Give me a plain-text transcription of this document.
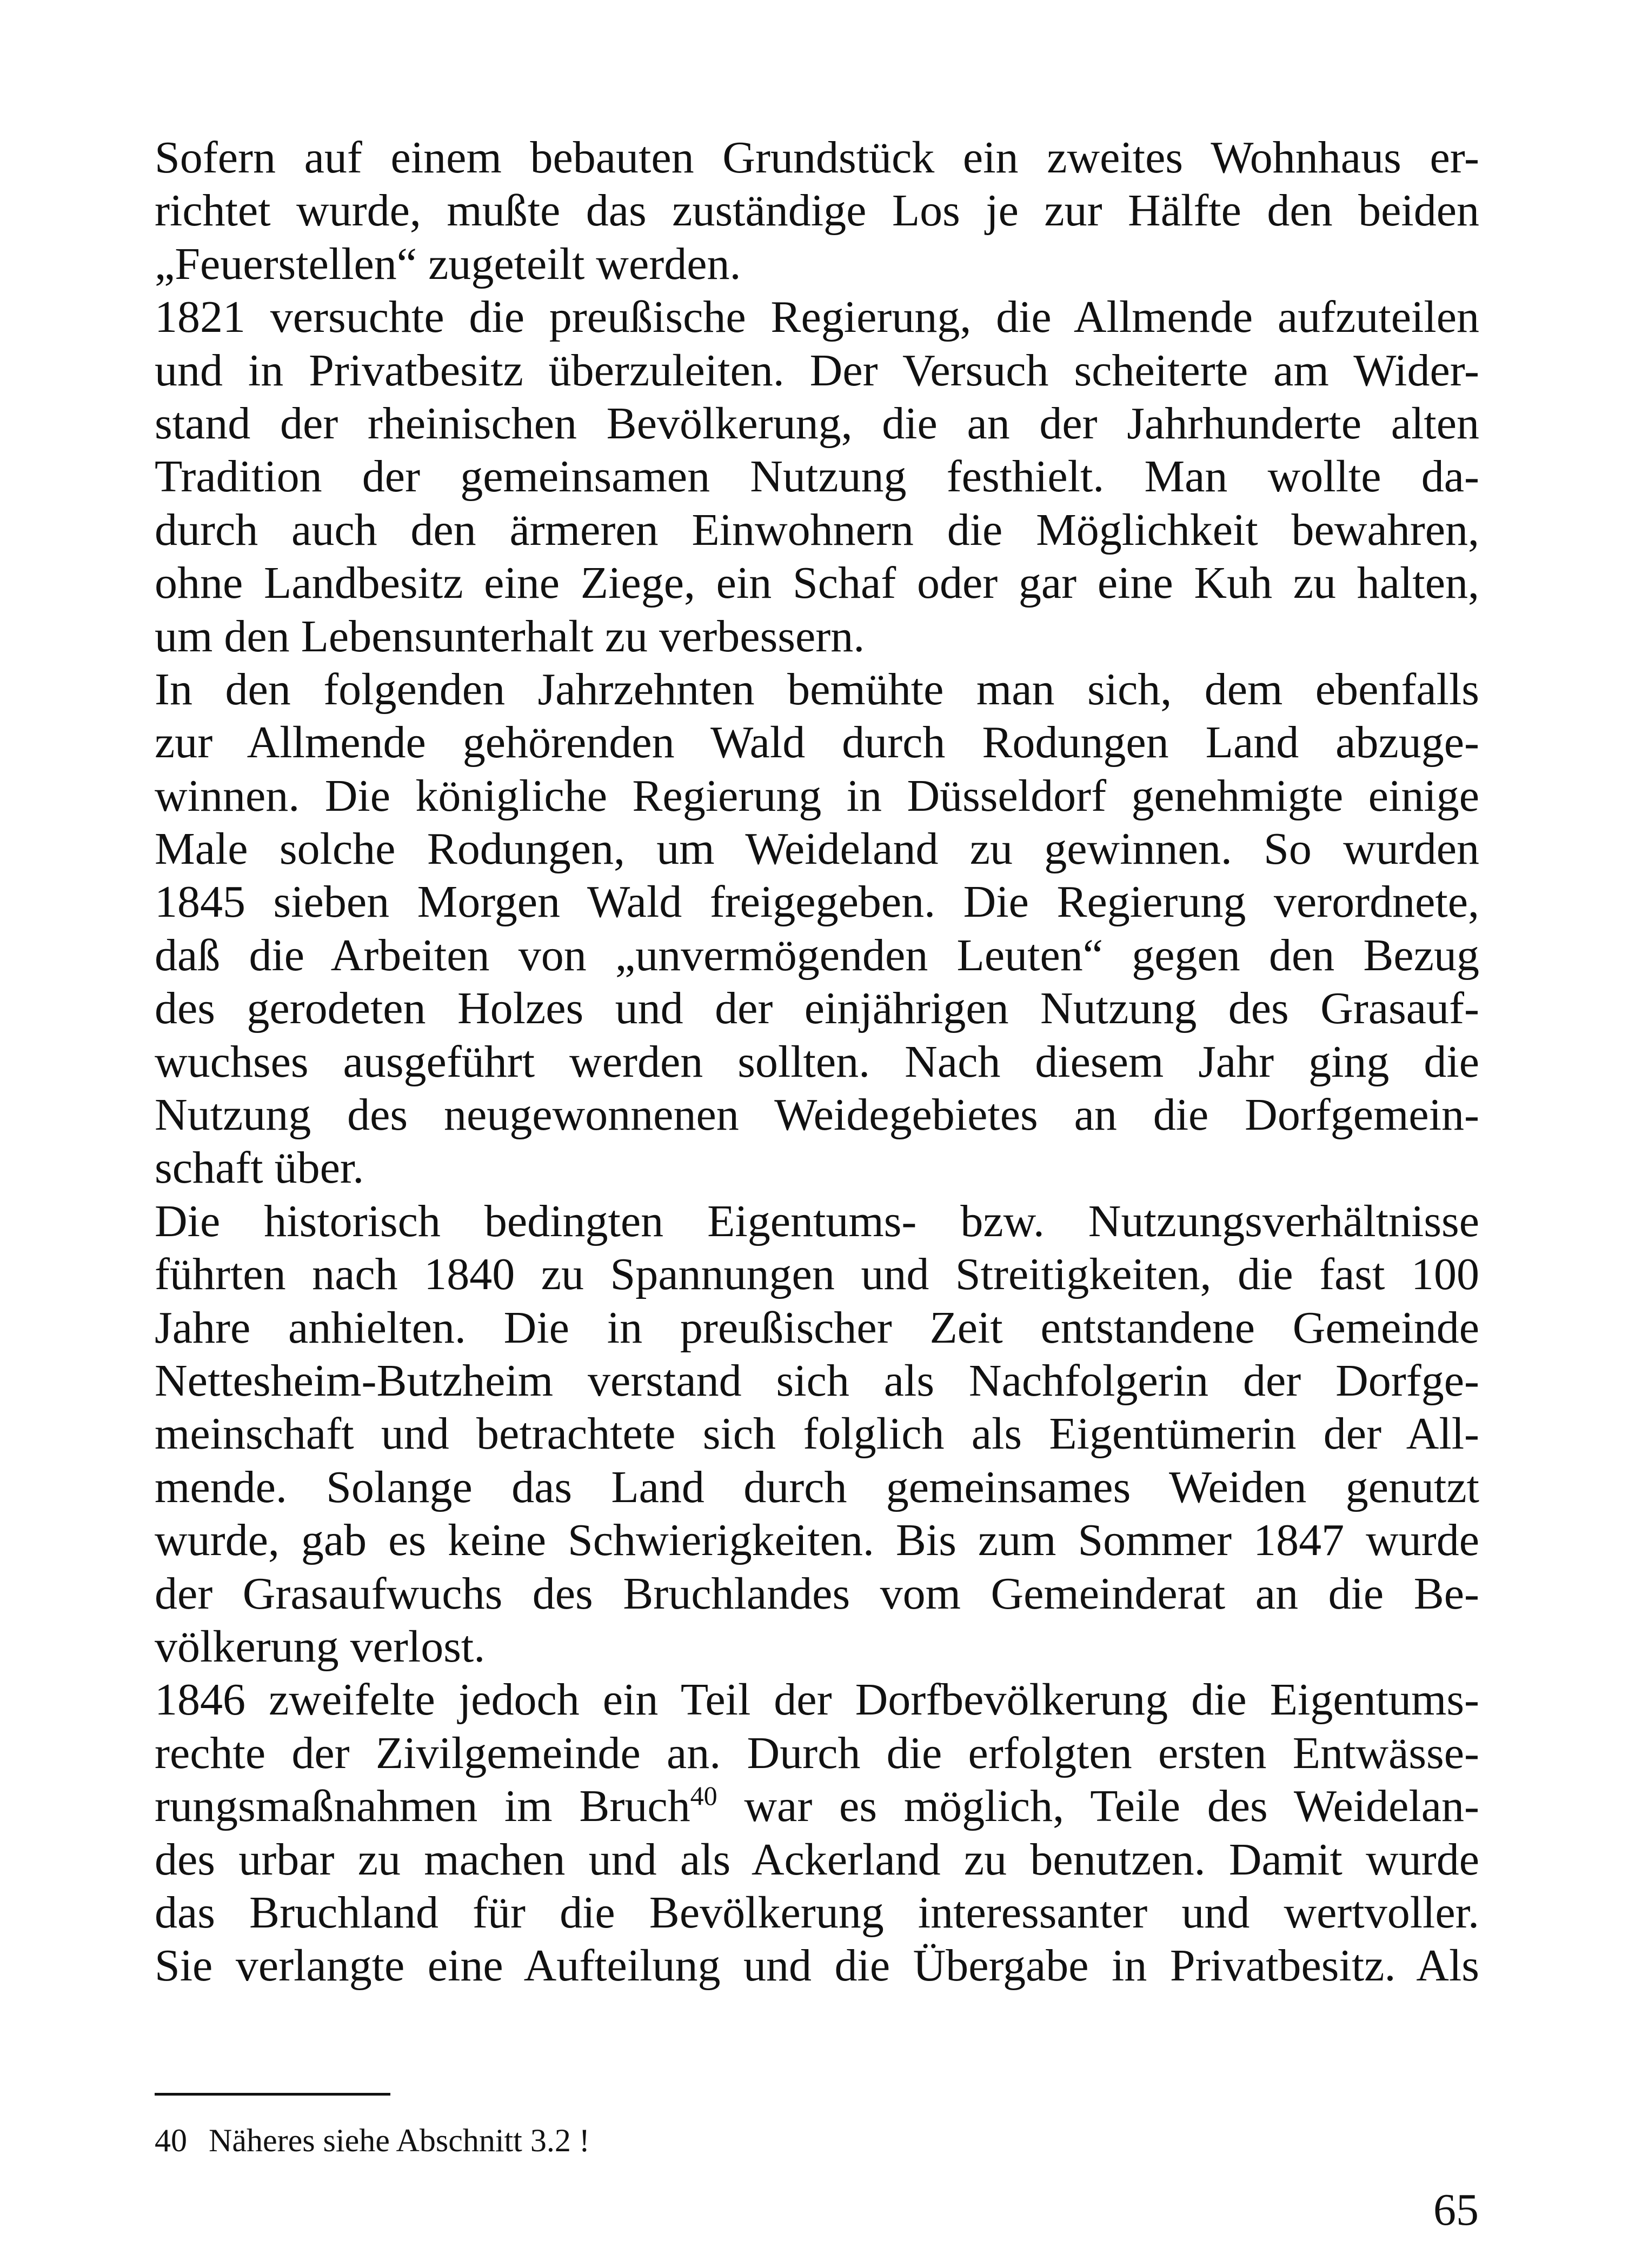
Sofern auf einem bebauten Grundstück ein zweites Wohnhaus er-
richtet wurde, mußte das zuständige Los je zur Hälfte den beiden
„Feuerstellen“ zugeteilt werden.
1821 versuchte die preußische Regierung, die Allmende aufzuteilen
und in Privatbesitz überzuleiten. Der Versuch scheiterte am Wider-
stand der rheinischen Bevölkerung, die an der Jahrhunderte alten
Tradition der gemeinsamen Nutzung festhielt. Man wollte da-
durch auch den ärmeren Einwohnern die Möglichkeit bewahren,
ohne Landbesitz eine Ziege, ein Schaf oder gar eine Kuh zu halten,
um den Lebensunterhalt zu verbessern.
In den folgenden Jahrzehnten bemühte man sich, dem ebenfalls
zur Allmende gehörenden Wald durch Rodungen Land abzuge-
winnen. Die königliche Regierung in Düsseldorf genehmigte einige
Male solche Rodungen, um Weideland zu gewinnen. So wurden
1845 sieben Morgen Wald freigegeben. Die Regierung verordnete,
daß die Arbeiten von „unvermögenden Leuten“ gegen den Bezug
des gerodeten Holzes und der einjährigen Nutzung des Grasauf-
wuchses ausgeführt werden sollten. Nach diesem Jahr ging die
Nutzung des neugewonnenen Weidegebietes an die Dorfgemein-
schaft über.
Die historisch bedingten Eigentums- bzw. Nutzungsverhältnisse
führten nach 1840 zu Spannungen und Streitigkeiten, die fast 100
Jahre anhielten. Die in preußischer Zeit entstandene Gemeinde
Nettesheim-Butzheim verstand sich als Nachfolgerin der Dorfge-
meinschaft und betrachtete sich folglich als Eigentümerin der All-
mende. Solange das Land durch gemeinsames Weiden genutzt
wurde, gab es keine Schwierigkeiten. Bis zum Sommer 1847 wurde
der Grasaufwuchs des Bruchlandes vom Gemeinderat an die Be-
völkerung verlost.
1846 zweifelte jedoch ein Teil der Dorfbevölkerung die Eigentums-
rechte der Zivilgemeinde an. Durch die erfolgten ersten Entwässe-
rungsmaßnahmen im Bruch$^{40}$ war es möglich, Teile des Weidelan-
des urbar zu machen und als Ackerland zu benutzen. Damit wurde
das Bruchland für die Bevölkerung interessanter und wertvoller.
Sie verlangte eine Aufteilung und die Übergabe in Privatbesitz. Als
40 Näheres siehe Abschnitt 3.2 !
65
